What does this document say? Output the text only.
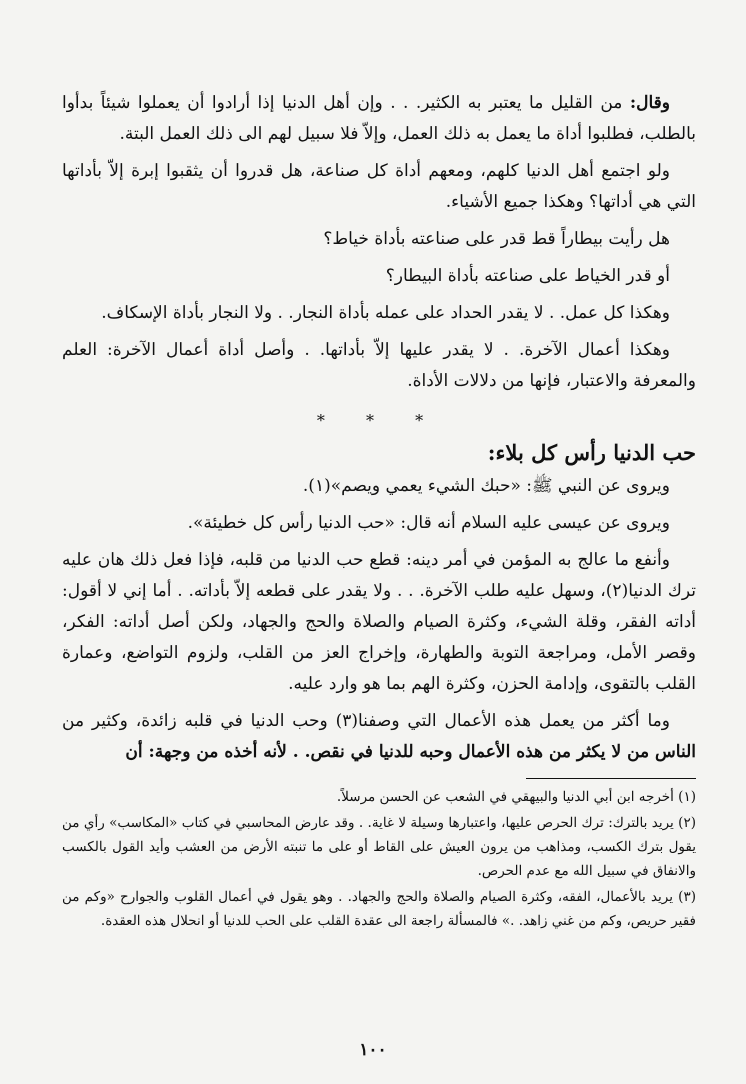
وقال: من القليل ما يعتبر به الكثير. . . وإن أهل الدنيا إذا أرادوا أن يعملوا شيئاً بدأوا بالطلب، فطلبوا أداة ما يعمل به ذلك العمل، وإلاّ فلا سبيل لهم الى ذلك العمل البتة.

ولو اجتمع أهل الدنيا كلهم، ومعهم أداة كل صناعة، هل قدروا أن يثقبوا إبرة إلاّ بأداتها التي هي أداتها؟ وهكذا جميع الأشياء.

هل رأيت بيطاراً قط قدر على صناعته بأداة خياط؟

أو قدر الخياط على صناعته بأداة البيطار؟

وهكذا كل عمل. . لا يقدر الحداد على عمله بأداة النجار. . ولا النجار بأداة الإسكاف.

وهكذا أعمال الآخرة. . لا يقدر عليها إلاّ بأداتها. . وأصل أداة أعمال الآخرة: العلم والمعرفة والاعتبار، فإنها من دلالات الأداة.

* * *
حب الدنيا رأس كل بلاء:

ويروى عن النبي ﷺ: «حبك الشيء يعمي ويصم»(١).

ويروى عن عيسى عليه السلام أنه قال: «حب الدنيا رأس كل خطيئة».

وأنفع ما عالج به المؤمن في أمر دينه: قطع حب الدنيا من قلبه، فإذا فعل ذلك هان عليه ترك الدنيا(٢)، وسهل عليه طلب الآخرة. . . ولا يقدر على قطعه إلاّ بأداته. . أما إني لا أقول: أداته الفقر، وقلة الشيء، وكثرة الصيام والصلاة والحج والجهاد، ولكن أصل أداته: الفكر، وقصر الأمل، ومراجعة التوبة والطهارة، وإخراج العز من القلب، ولزوم التواضع، وعمارة القلب بالتقوى، وإدامة الحزن، وكثرة الهم بما هو وارد عليه.

وما أكثر من يعمل هذه الأعمال التي وصفنا(٣) وحب الدنيا في قلبه زائدة، وكثير من الناس من لا يكثر من هذه الأعمال وحبه للدنيا في نقص. . لأنه أخذه من وجهة: أن

(١) أخرجه ابن أبي الدنيا والبيهقي في الشعب عن الحسن مرسلاً.

(٢) يريد بالترك: ترك الحرص عليها، واعتبارها وسيلة لا غاية. . وقد عارض المحاسبي في كتاب «المكاسب» رأي من يقول بترك الكسب، ومذاهب من يرون العيش على القاط أو على ما تنبته الأرض من العشب وأيد القول بالكسب والانفاق في سبيل الله مع عدم الحرص.

(٣) يريد بالأعمال، الفقه، وكثرة الصيام والصلاة والحج والجهاد. . وهو يقول في أعمال القلوب والجوارح «وكم من فقير حريص، وكم من غني زاهد. .» فالمسألة راجعة الى عقدة القلب على الحب للدنيا أو انحلال هذه العقدة.

١٠٠
